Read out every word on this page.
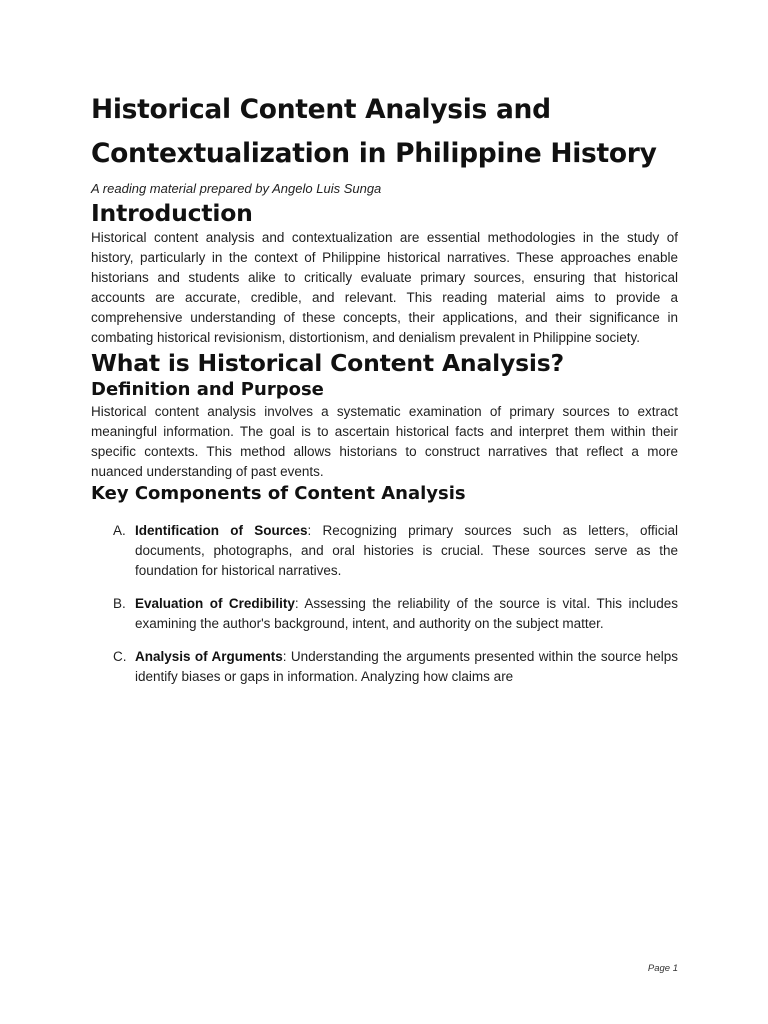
Historical Content Analysis and Contextualization in Philippine History

A reading material prepared by Angelo Luis Sunga

Introduction

Historical content analysis and contextualization are essential methodologies in the study of history, particularly in the context of Philippine historical narratives. These approaches enable historians and students alike to critically evaluate primary sources, ensuring that historical accounts are accurate, credible, and relevant. This reading material aims to provide a comprehensive understanding of these concepts, their applications, and their significance in combating historical revisionism, distortionism, and denialism prevalent in Philippine society.

What is Historical Content Analysis?
Definition and Purpose

Historical content analysis involves a systematic examination of primary sources to extract meaningful information. The goal is to ascertain historical facts and interpret them within their specific contexts. This method allows historians to construct narratives that reflect a more nuanced understanding of past events.

Key Components of Content Analysis
A. Identification of Sources: Recognizing primary sources such as letters, official documents, photographs, and oral histories is crucial. These sources serve as the foundation for historical narratives.
B. Evaluation of Credibility: Assessing the reliability of the source is vital. This includes examining the author's background, intent, and authority on the subject matter.
C. Analysis of Arguments: Understanding the arguments presented within the source helps identify biases or gaps in information. Analyzing how claims are
Page 1
